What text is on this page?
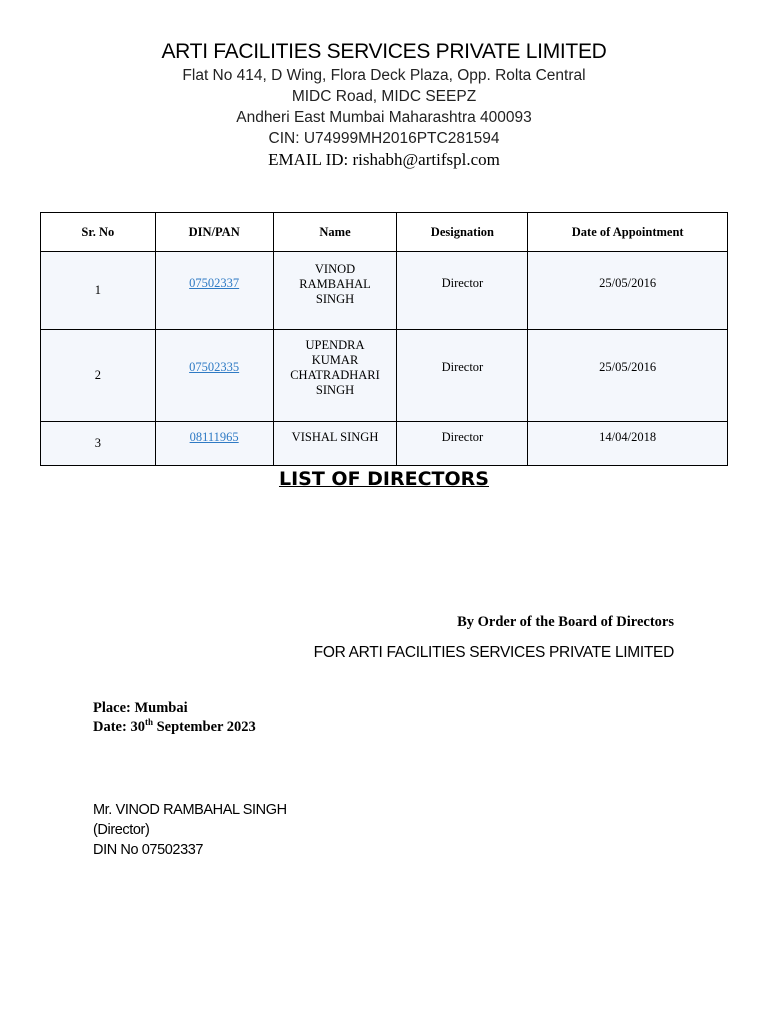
ARTI FACILITIES SERVICES PRIVATE LIMITED
Flat No 414, D Wing, Flora Deck Plaza, Opp. Rolta Central
MIDC Road, MIDC SEEPZ
Andheri East Mumbai Maharashtra 400093
CIN: U74999MH2016PTC281594
EMAIL ID: rishabh@artifspl.com
Sr. No	DIN/PAN	Name	Designation	Date of Appointment
1	07502337	VINOD
RAMBAHAL
SINGH	Director	25/05/2016
2	07502335	UPENDRA
KUMAR
CHATRADHARI
SINGH	Director	25/05/2016
3	08111965	VISHAL SINGH	Director	14/04/2018
LIST OF DIRECTORS
By Order of the Board of Directors
FOR ARTI FACILITIES SERVICES PRIVATE LIMITED
Place: Mumbai
Date: 30th September 2023
Mr. VINOD RAMBAHAL SINGH
(Director)
DIN No 07502337
